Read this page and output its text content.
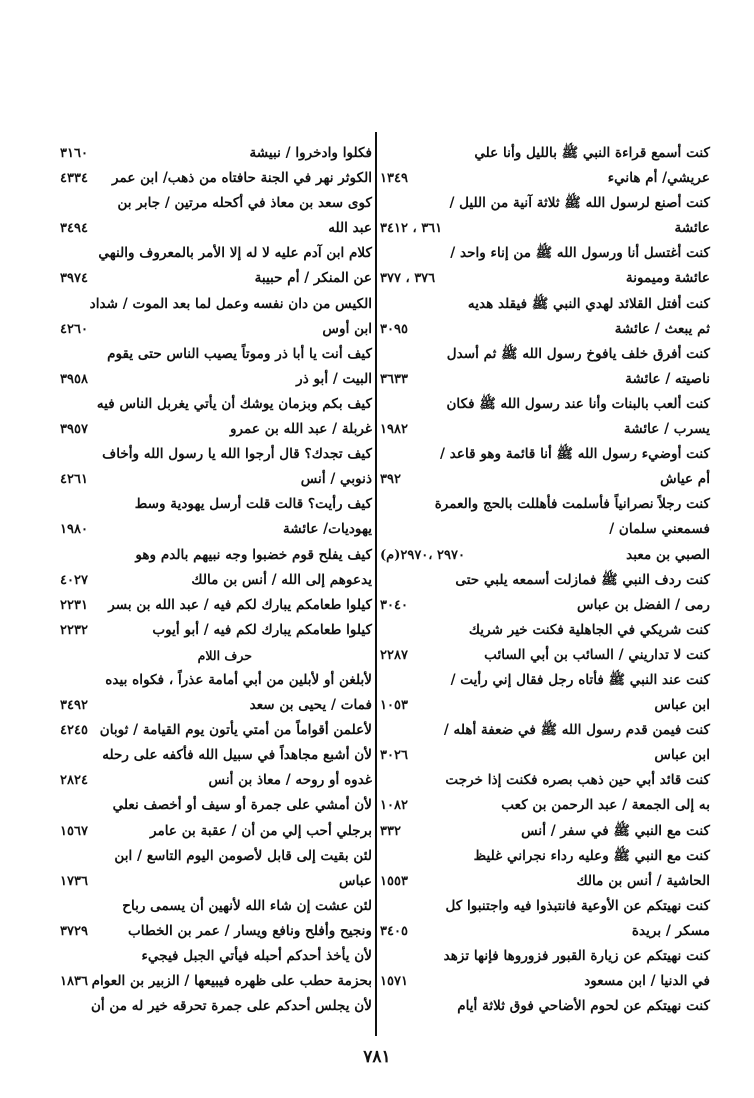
كنت أسمع قراءة النبي ﷺ بالليل وأنا علي
عريشي/ أم هانيء
١٣٤٩
كنت أصنع لرسول الله ﷺ ثلاثة آنية من الليل /
عائشة
٣٦١ ، ٣٤١٢
كنت أغتسل أنا ورسول الله ﷺ من إناء واحد /
عائشة وميمونة
٣٧٦ ، ٣٧٧
كنت أفتل القلائد لهدي النبي ﷺ فيقلد هديه
ثم يبعث / عائشة
٣٠٩٥
كنت أفرق خلف يافوخ رسول الله ﷺ ثم أسدل
ناصيته / عائشة
٣٦٣٣
كنت ألعب بالبنات وأنا عند رسول الله ﷺ فكان
يسرب / عائشة
١٩٨٢
كنت أوضيء رسول الله ﷺ أنا قائمة وهو قاعد /
أم عياش
٣٩٢
كنت رجلاً نصرانياً فأسلمت فأهللت بالحج والعمرة
فسمعني سلمان /
الصبي بن معبد
٢٩٧٠ ،٢٩٧٠(م)
كنت ردف النبي ﷺ فمازلت أسمعه يلبي حتى
رمى / الفضل بن عباس
٣٠٤٠
كنت شريكي في الجاهلية فكنت خير شريك
كنت لا تداريني / السائب بن أبي السائب
٢٢٨٧
كنت عند النبي ﷺ فأتاه رجل فقال إني رأيت /
ابن عباس
١٠٥٣
كنت فيمن قدم رسول الله ﷺ في ضعفة أهله /
ابن عباس
٣٠٢٦
كنت قائد أبي حين ذهب بصره فكنت إذا خرجت
به إلى الجمعة / عبد الرحمن بن كعب
١٠٨٢
كنت مع النبي ﷺ في سفر / أنس
٣٣٢
كنت مع النبي ﷺ وعليه رداء نجراني غليظ
الحاشية / أنس بن مالك
١٥٥٣
كنت نهيتكم عن الأوعية فانتبذوا فيه واجتنبوا كل
مسكر / بريدة
٣٤٠٥
كنت نهيتكم عن زيارة القبور فزوروها فإنها تزهد
في الدنيا / ابن مسعود
١٥٧١
كنت نهيتكم عن لحوم الأضاحي فوق ثلاثة أيام
فكلوا وادخروا / نبيشة
٣١٦٠
الكوثر نهر في الجنة حافتاه من ذهب/ ابن عمر
٤٣٣٤
كوى سعد بن معاذ في أكحله مرتين / جابر بن
عبد الله
٣٤٩٤
كلام ابن آدم عليه لا له إلا الأمر بالمعروف والنهي
عن المنكر / أم حبيبة
٣٩٧٤
الكيس من دان نفسه وعمل لما بعد الموت / شداد
ابن أوس
٤٢٦٠
كيف أنت يا أبا ذر وموتاً يصيب الناس حتى يقوم
البيت / أبو ذر
٣٩٥٨
كيف بكم وبزمان يوشك أن يأتي يغربل الناس فيه
غربلة / عبد الله بن عمرو
٣٩٥٧
كيف تجدك؟ قال أرجوا الله يا رسول الله وأخاف
ذنوبي / أنس
٤٢٦١
كيف رأيت؟ قالت قلت أرسل يهودية وسط
يهوديات/ عائشة
١٩٨٠
كيف يفلح قوم خضبوا وجه نبيهم بالدم وهو
يدعوهم إلى الله / أنس بن مالك
٤٠٢٧
كيلوا طعامكم يبارك لكم فيه / عبد الله بن بسر
٢٢٣١
كيلوا طعامكم يبارك لكم فيه / أبو أيوب
٢٢٣٢
حرف اللام
لأبلغن أو لأبلين من أبي أمامة عذراً ، فكواه بيده
فمات / يحيى بن سعد
٣٤٩٢
لأعلمن أقواماً من أمتي يأتون يوم القيامة / ثوبان
٤٢٤٥
لأن أشبع مجاهداً في سبيل الله فأكفه على رحله
غدوه أو روحه / معاذ بن أنس
٢٨٢٤
لأن أمشي على جمرة أو سيف أو أخصف نعلي
برجلي أحب إلي من أن / عقبة بن عامر
١٥٦٧
لئن بقيت إلى قابل لأصومن اليوم التاسع / ابن
عباس
١٧٣٦
لئن عشت إن شاء الله لأنهين أن يسمى رباح
ونجيح وأفلح ونافع ويسار / عمر بن الخطاب
٣٧٢٩
لأن يأخذ أحدكم أحبله فيأتي الجبل فيجيء
بحزمة حطب على ظهره فيبيعها / الزبير بن العوام
١٨٣٦
لأن يجلس أحدكم على جمرة تحرقه خير له من أن
٧٨١
